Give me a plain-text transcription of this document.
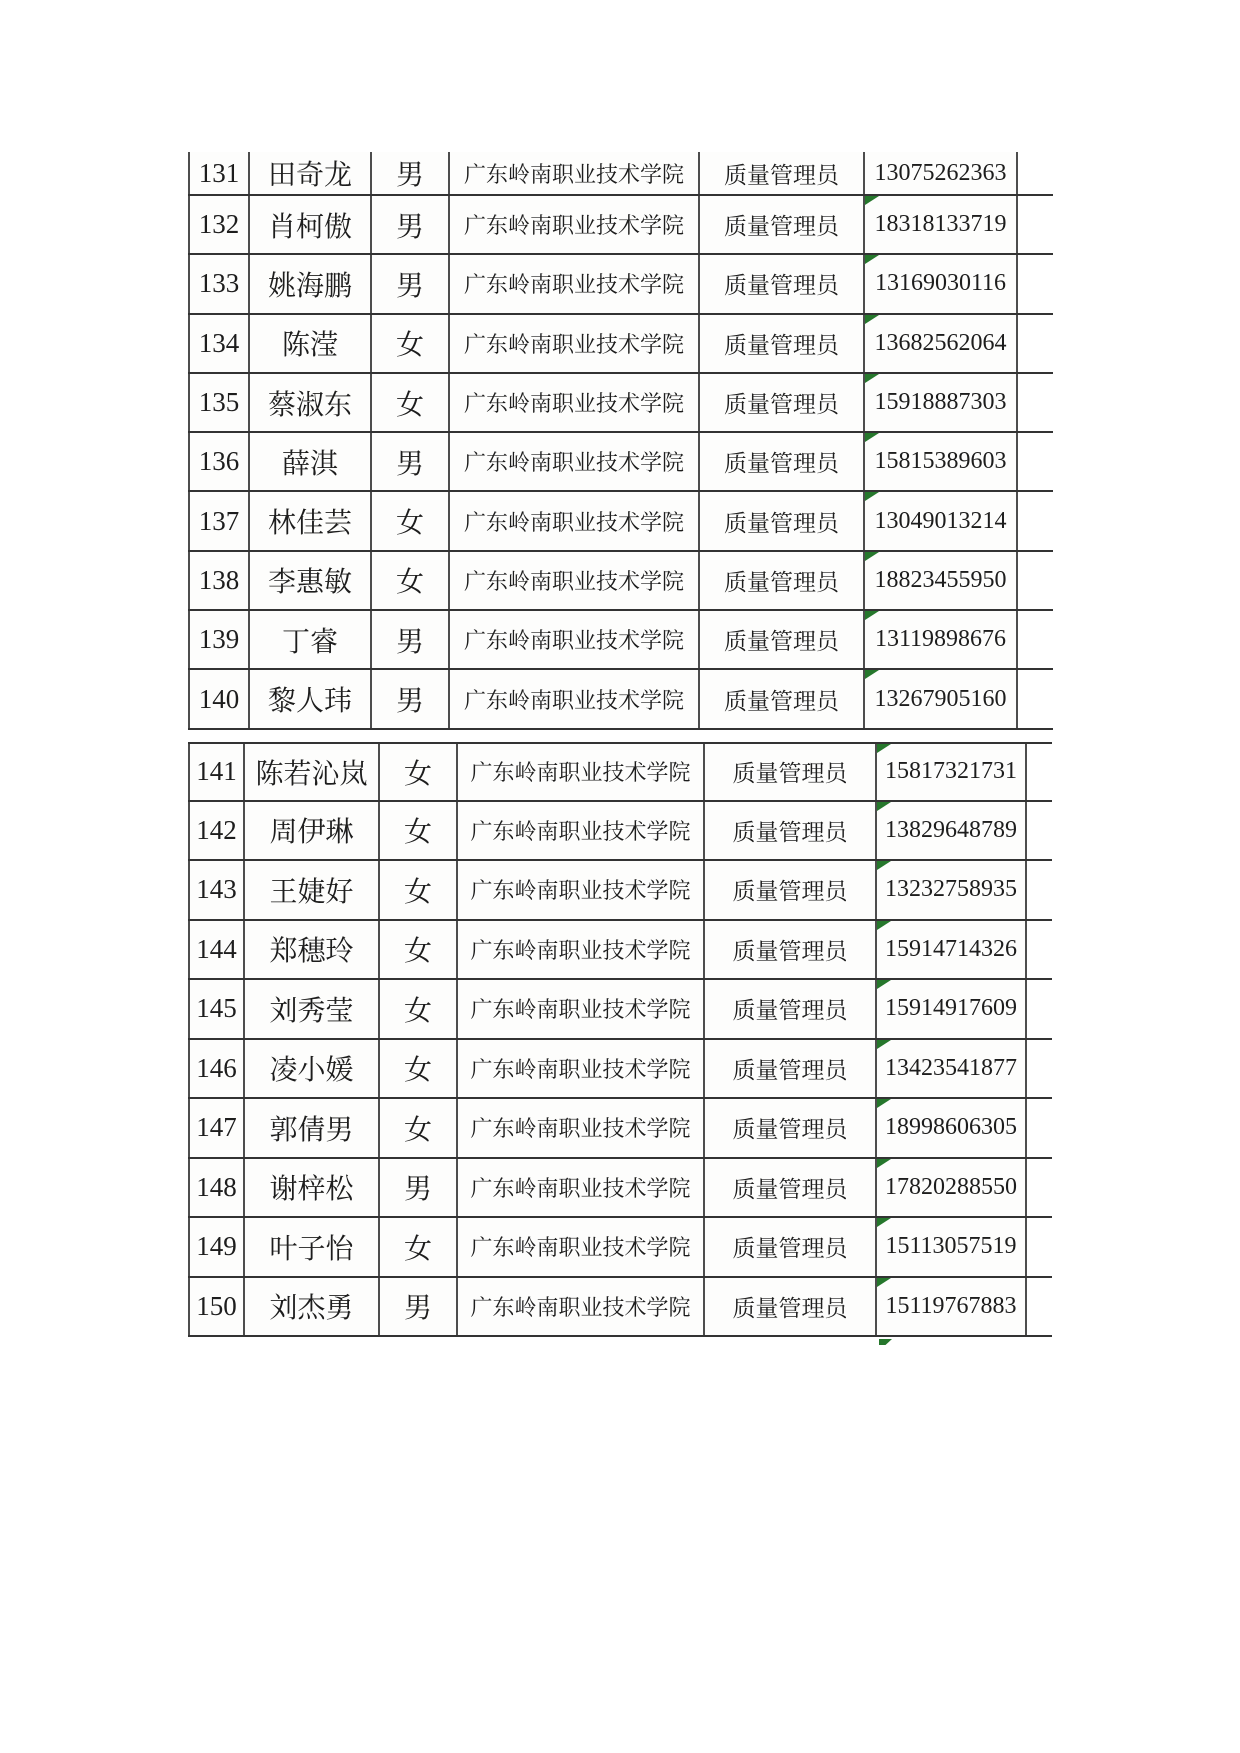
131	田奇龙	男	广东岭南职业技术学院	质量管理员	13075262363
132	肖柯傲	男	广东岭南职业技术学院	质量管理员	18318133719
133	姚海鹏	男	广东岭南职业技术学院	质量管理员	13169030116
134	陈滢	女	广东岭南职业技术学院	质量管理员	13682562064
135	蔡淑东	女	广东岭南职业技术学院	质量管理员	15918887303
136	薛淇	男	广东岭南职业技术学院	质量管理员	15815389603
137	林佳芸	女	广东岭南职业技术学院	质量管理员	13049013214
138	李惠敏	女	广东岭南职业技术学院	质量管理员	18823455950
139	丁睿	男	广东岭南职业技术学院	质量管理员	13119898676
140	黎人玮	男	广东岭南职业技术学院	质量管理员	13267905160
141 陈若沁岚	女	广东岭南职业技术学院	质量管理员	15817321731
142	周伊琳	女	广东岭南职业技术学院	质量管理员	13829648789
143	王婕好	女	广东岭南职业技术学院	质量管理员	13232758935
144	郑穗玲	女	广东岭南职业技术学院	质量管理员	15914714326
145	刘秀莹	女	广东岭南职业技术学院	质量管理员	15914917609
146	凌小媛	女	广东岭南职业技术学院	质量管理员	13423541877
147	郭倩男	女	广东岭南职业技术学院	质量管理员	18998606305
148	谢梓松	男	广东岭南职业技术学院	质量管理员	17820288550
149	叶子怡	女	广东岭南职业技术学院	质量管理员	15113057519
150	刘杰勇	男	广东岭南职业技术学院	质量管理员	15119767883
